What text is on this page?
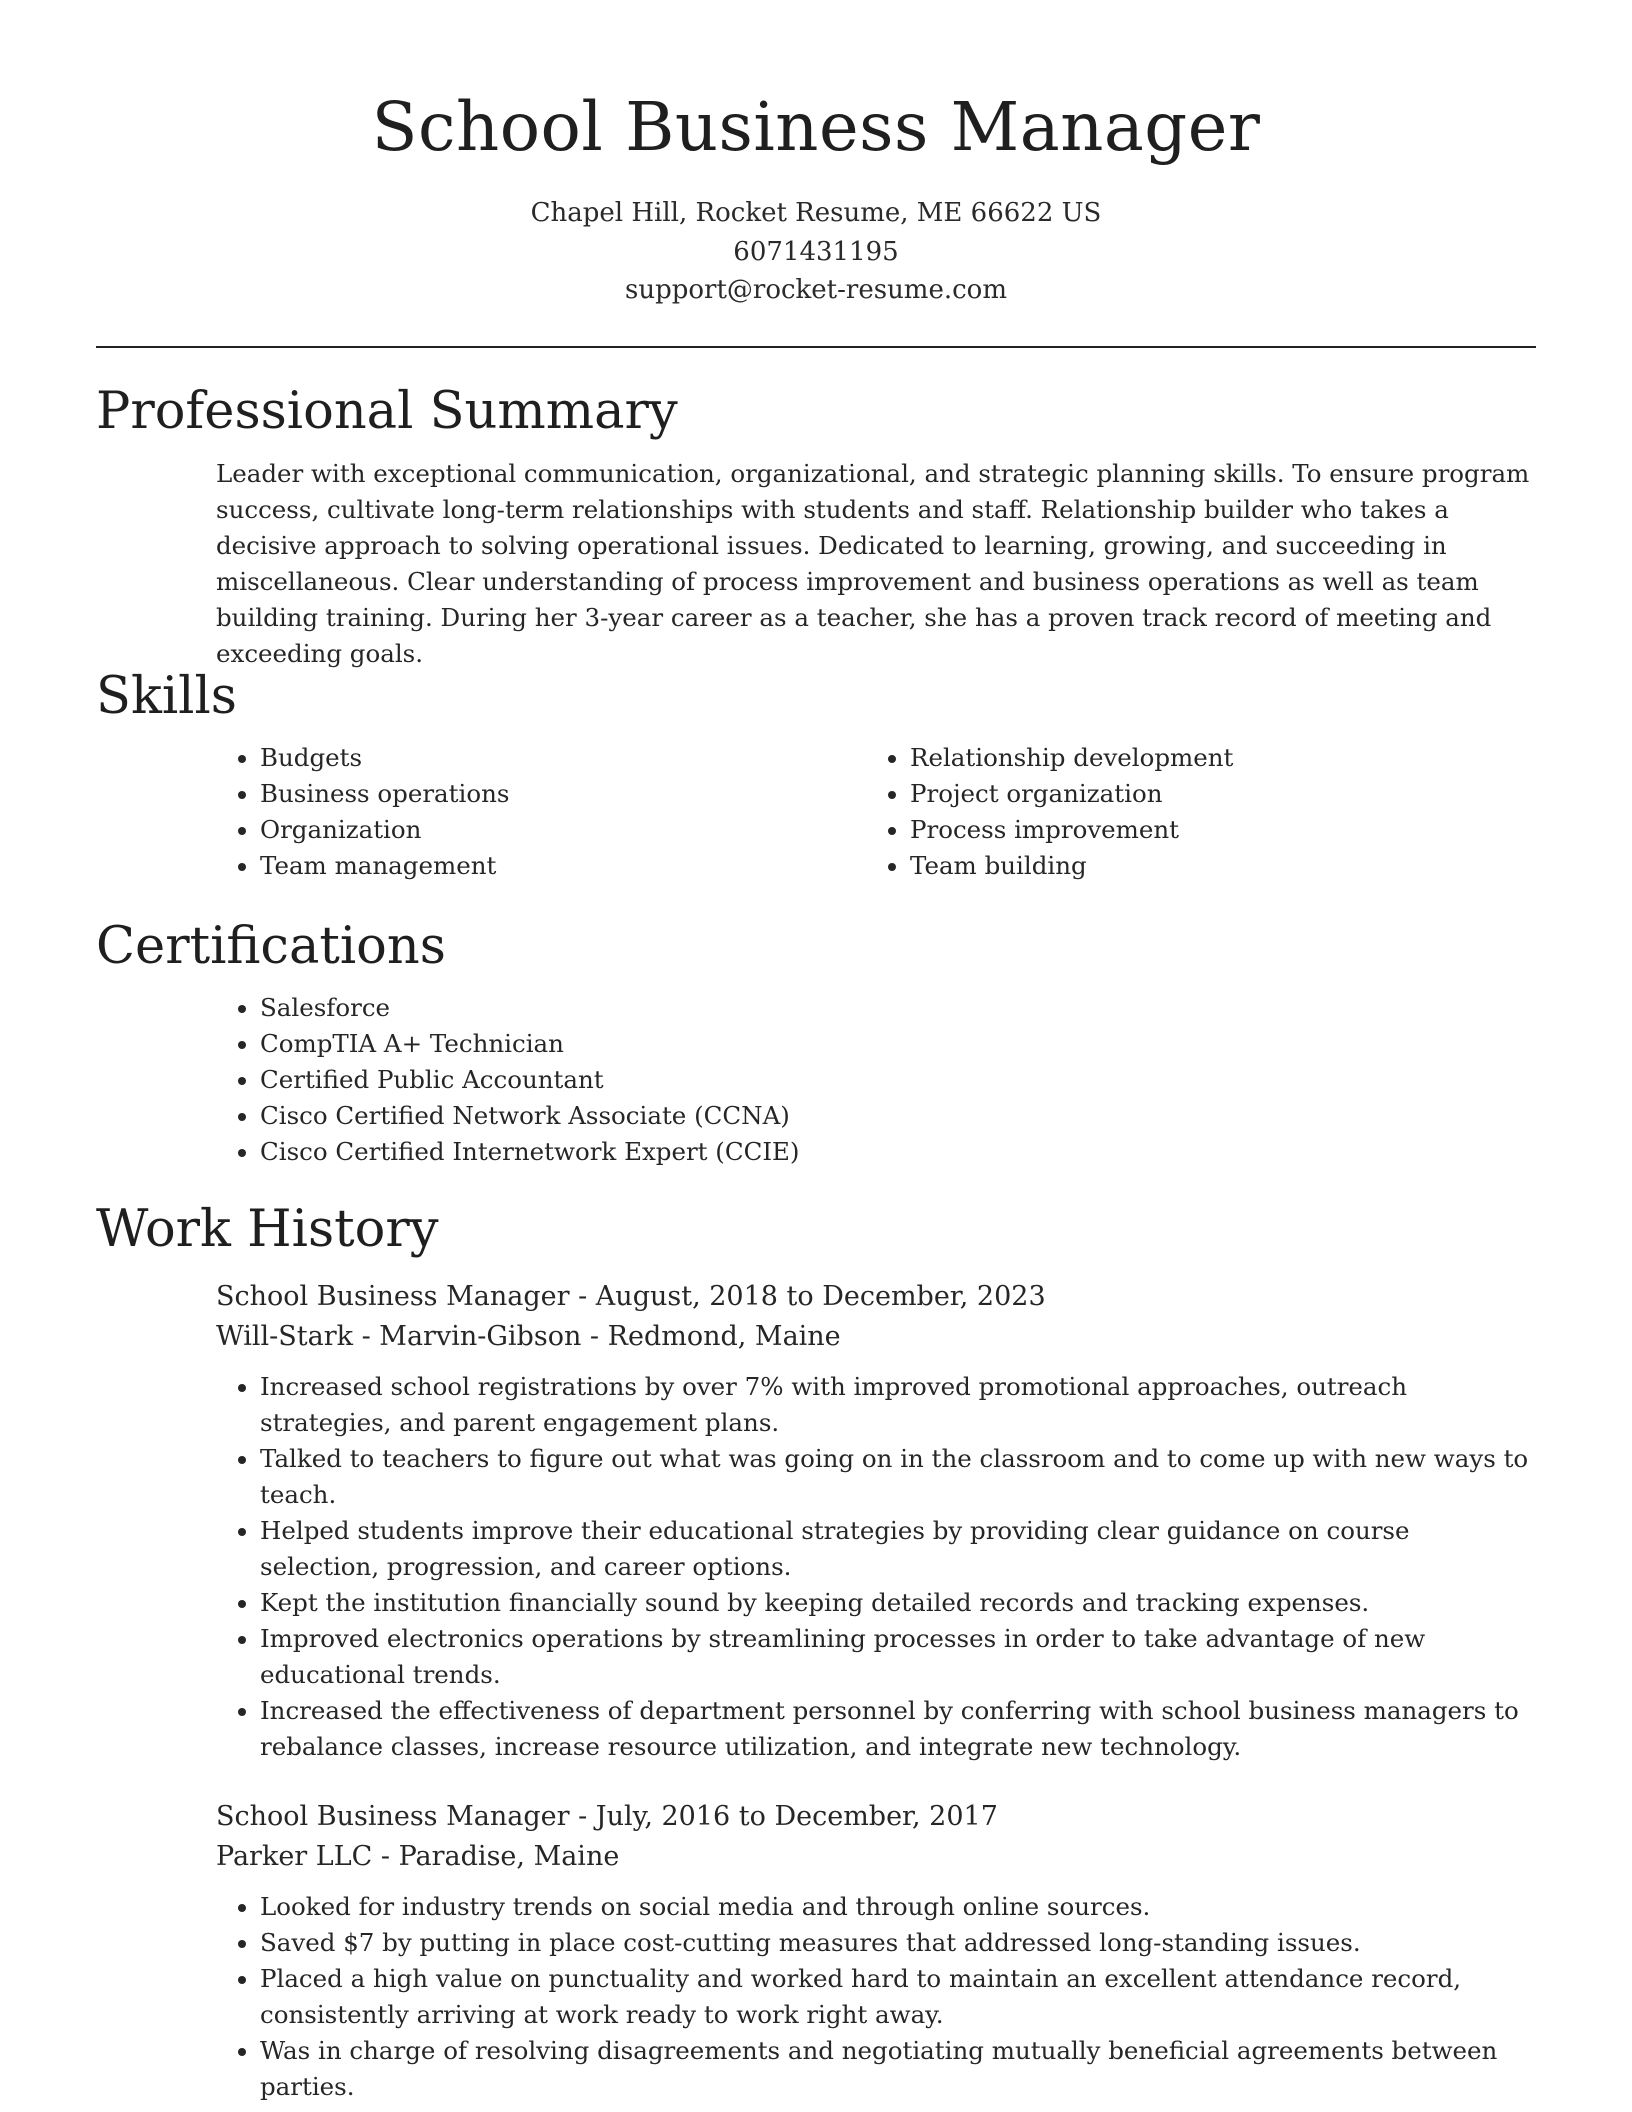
School Business Manager
Chapel Hill, Rocket Resume, ME 66622 US
6071431195
support@rocket-resume.com
Professional Summary
Leader with exceptional communication, organizational, and strategic planning skills. To ensure program success, cultivate long-term relationships with students and staff. Relationship builder who takes a decisive approach to solving operational issues. Dedicated to learning, growing, and succeeding in miscellaneous. Clear understanding of process improvement and business operations as well as team building training. During her 3-year career as a teacher, she has a proven track record of meeting and exceeding goals.
Skills
• Budgets
• Business operations
• Organization
• Team management
• Relationship development
• Project organization
• Process improvement
• Team building
Certifications
• Salesforce
• CompTIA A+ Technician
• Certified Public Accountant
• Cisco Certified Network Associate (CCNA)
• Cisco Certified Internetwork Expert (CCIE)
Work History
School Business Manager - August, 2018 to December, 2023
Will-Stark - Marvin-Gibson - Redmond, Maine
• Increased school registrations by over 7% with improved promotional approaches, outreach strategies, and parent engagement plans.
• Talked to teachers to figure out what was going on in the classroom and to come up with new ways to teach.
• Helped students improve their educational strategies by providing clear guidance on course selection, progression, and career options.
• Kept the institution financially sound by keeping detailed records and tracking expenses.
• Improved electronics operations by streamlining processes in order to take advantage of new educational trends.
• Increased the effectiveness of department personnel by conferring with school business managers to rebalance classes, increase resource utilization, and integrate new technology.
School Business Manager - July, 2016 to December, 2017
Parker LLC - Paradise, Maine
• Looked for industry trends on social media and through online sources.
• Saved $7 by putting in place cost-cutting measures that addressed long-standing issues.
• Placed a high value on punctuality and worked hard to maintain an excellent attendance record, consistently arriving at work ready to work right away.
• Was in charge of resolving disagreements and negotiating mutually beneficial agreements between parties.
